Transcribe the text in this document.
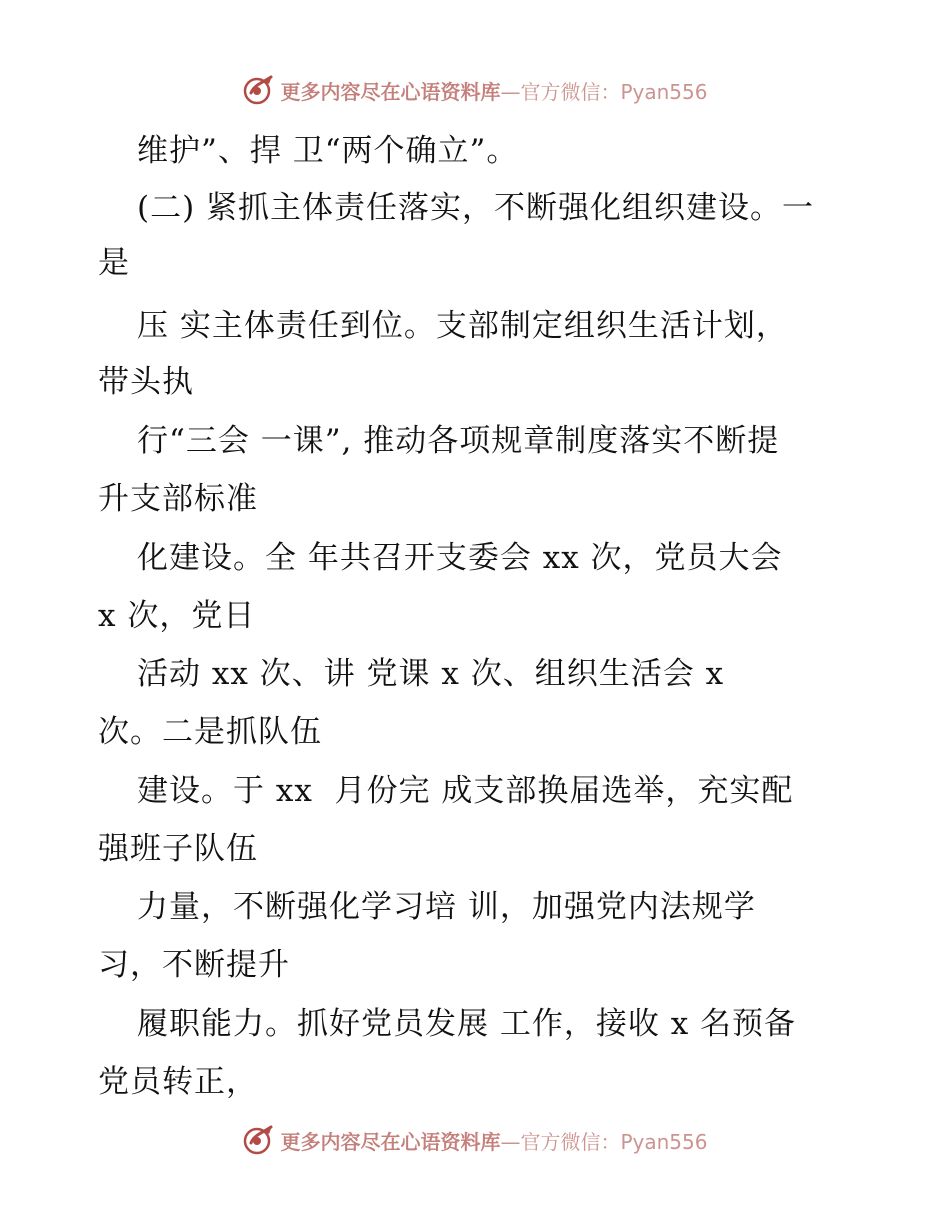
更多内容尽在心语资料库—官方微信：Pyan556
维护”、捍 卫“两个确立”。
(二) 紧抓主体责任落实，不断强化组织建设。一
是
压 实主体责任到位。支部制定组织生活计划，
带头执
行“三会 一课”, 推动各项规章制度落实不断提
升支部标准
化建设。全 年共召开支委会 xx 次，党员大会
x 次，党日
活动 xx 次、讲 党课 x 次、组织生活会 x
次。二是抓队伍
建设。于 xx  月份完 成支部换届选举，充实配
强班子队伍
力量，不断强化学习培 训，加强党内法规学
习，不断提升
履职能力。抓好党员发展 工作，接收 x 名预备
党员转正，
更多内容尽在心语资料库—官方微信：Pyan556
